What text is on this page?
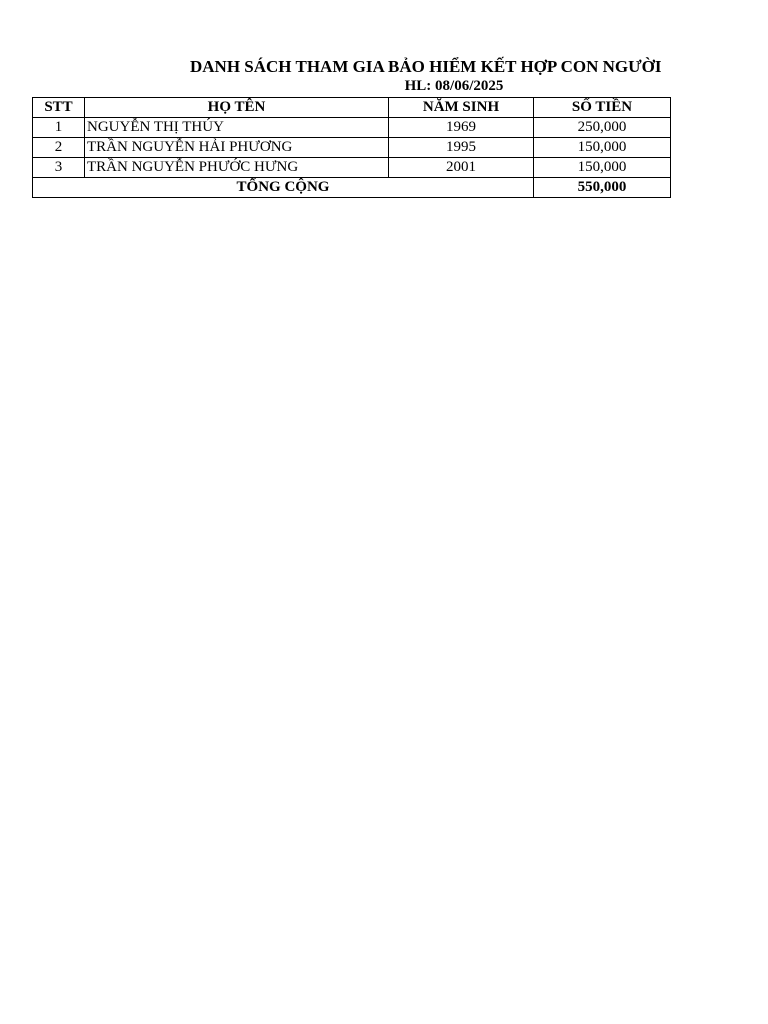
DANH SÁCH THAM GIA BẢO HIỂM KẾT HỢP CON NGƯỜI
HL: 08/06/2025
STT	HỌ TÊN	NĂM SINH	SỐ TIỀN
1	NGUYỄN THỊ THÚY	1969	250,000
2	TRẦN NGUYỄN HẢI PHƯƠNG	1995	150,000
3	TRẦN NGUYỄN PHƯỚC HƯNG	2001	150,000
TỔNG CỘNG			550,000
